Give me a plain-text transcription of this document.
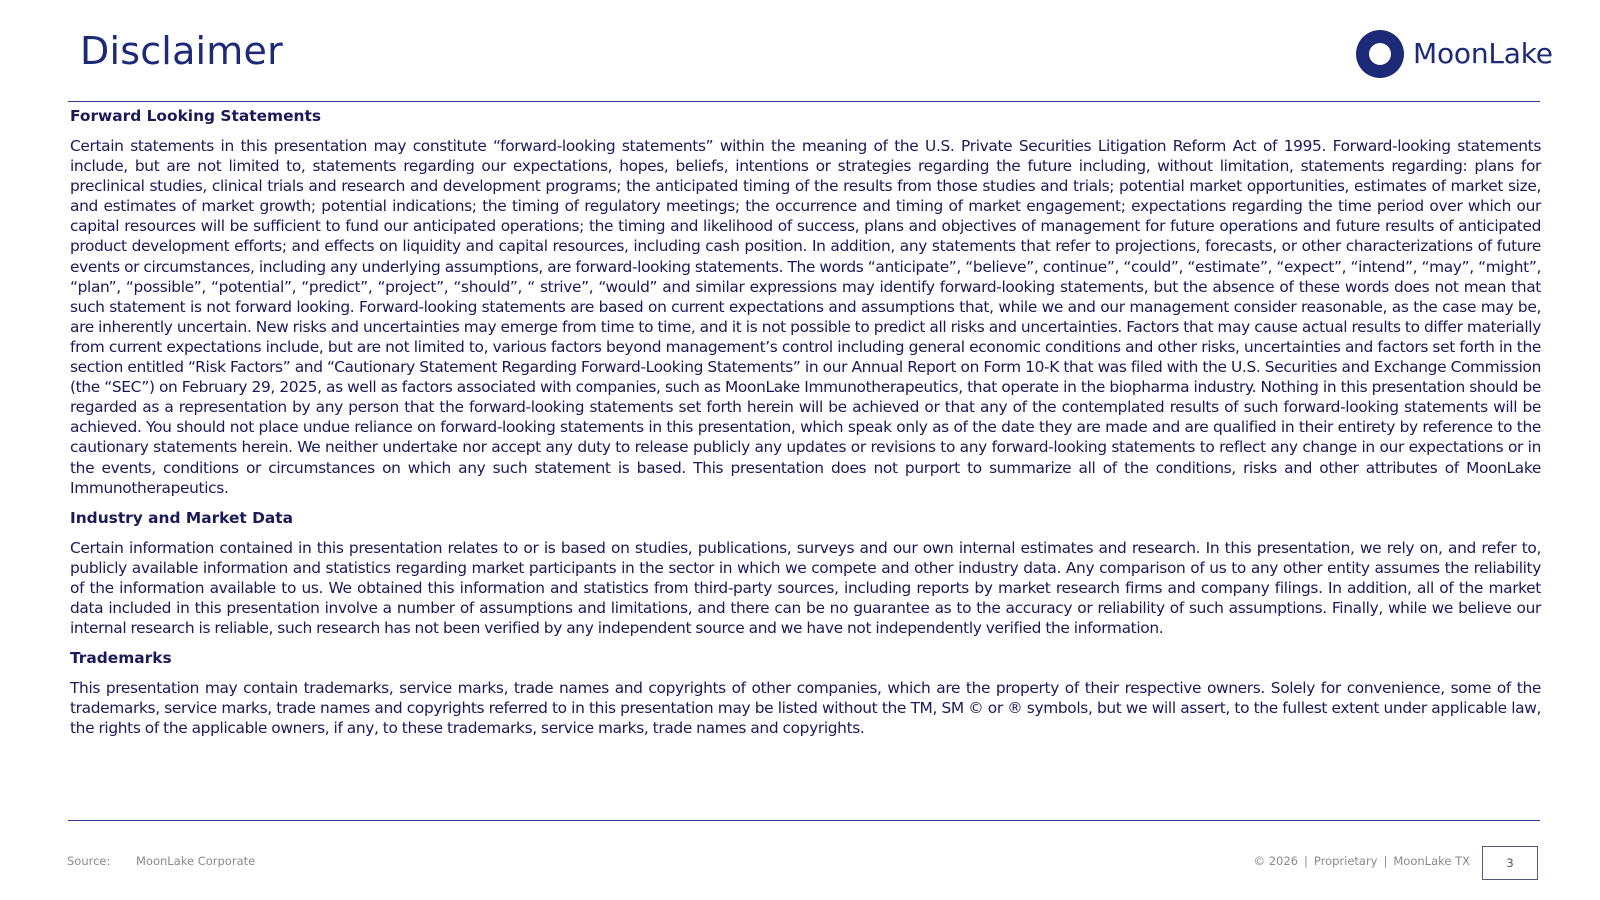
Disclaimer	MoonLake

Forward Looking Statements

Certain statements in this presentation may constitute “forward-looking statements” within the meaning of the U.S. Private Securities Litigation Reform Act of 1995. Forward-looking statements include, but are not limited to, statements regarding our expectations, hopes, beliefs, intentions or strategies regarding the future including, without limitation, statements regarding: plans for preclinical studies, clinical trials and research and development programs; the anticipated timing of the results from those studies and trials; potential market opportunities, estimates of market size, and estimates of market growth; potential indications; the timing of regulatory meetings; the occurrence and timing of market engagement; expectations regarding the time period over which our capital resources will be sufficient to fund our anticipated operations; the timing and likelihood of success, plans and objectives of management for future operations and future results of anticipated product development efforts; and effects on liquidity and capital resources, including cash position. In addition, any statements that refer to projections, forecasts, or other characterizations of future events or circumstances, including any underlying assumptions, are forward-looking statements. The words “anticipate”, “believe”, continue”, “could”, “estimate”, “expect”, “intend”, “may”, “might”, “plan”, “possible”, “potential”, “predict”, “project”, “should”, “ strive”, “would” and similar expressions may identify forward-looking statements, but the absence of these words does not mean that such statement is not forward looking. Forward-looking statements are based on current expectations and assumptions that, while we and our management consider reasonable, as the case may be, are inherently uncertain. New risks and uncertainties may emerge from time to time, and it is not possible to predict all risks and uncertainties. Factors that may cause actual results to differ materially from current expectations include, but are not limited to, various factors beyond management’s control including general economic conditions and other risks, uncertainties and factors set forth in the section entitled “Risk Factors” and “Cautionary Statement Regarding Forward-Looking Statements” in our Annual Report on Form 10-K that was filed with the U.S. Securities and Exchange Commission (the “SEC”) on February 29, 2025, as well as factors associated with companies, such as MoonLake Immunotherapeutics, that operate in the biopharma industry. Nothing in this presentation should be regarded as a representation by any person that the forward-looking statements set forth herein will be achieved or that any of the contemplated results of such forward-looking statements will be achieved. You should not place undue reliance on forward-looking statements in this presentation, which speak only as of the date they are made and are qualified in their entirety by reference to the cautionary statements herein. We neither undertake nor accept any duty to release publicly any updates or revisions to any forward-looking statements to reflect any change in our expectations or in the events, conditions or circumstances on which any such statement is based. This presentation does not purport to summarize all of the conditions, risks and other attributes of MoonLake Immunotherapeutics.

Industry and Market Data

Certain information contained in this presentation relates to or is based on studies, publications, surveys and our own internal estimates and research. In this presentation, we rely on, and refer to, publicly available information and statistics regarding market participants in the sector in which we compete and other industry data. Any comparison of us to any other entity assumes the reliability of the information available to us. We obtained this information and statistics from third-party sources, including reports by market research firms and company filings. In addition, all of the market data included in this presentation involve a number of assumptions and limitations, and there can be no guarantee as to the accuracy or reliability of such assumptions. Finally, while we believe our internal research is reliable, such research has not been verified by any independent source and we have not independently verified the information.

Trademarks

This presentation may contain trademarks, service marks, trade names and copyrights of other companies, which are the property of their respective owners. Solely for convenience, some of the trademarks, service marks, trade names and copyrights referred to in this presentation may be listed without the TM, SM © or ® symbols, but we will assert, to the fullest extent under applicable law, the rights of the applicable owners, if any, to these trademarks, service marks, trade names and copyrights.

Source: MoonLake Corporate	© 2026 | Proprietary | MoonLake TX	3
